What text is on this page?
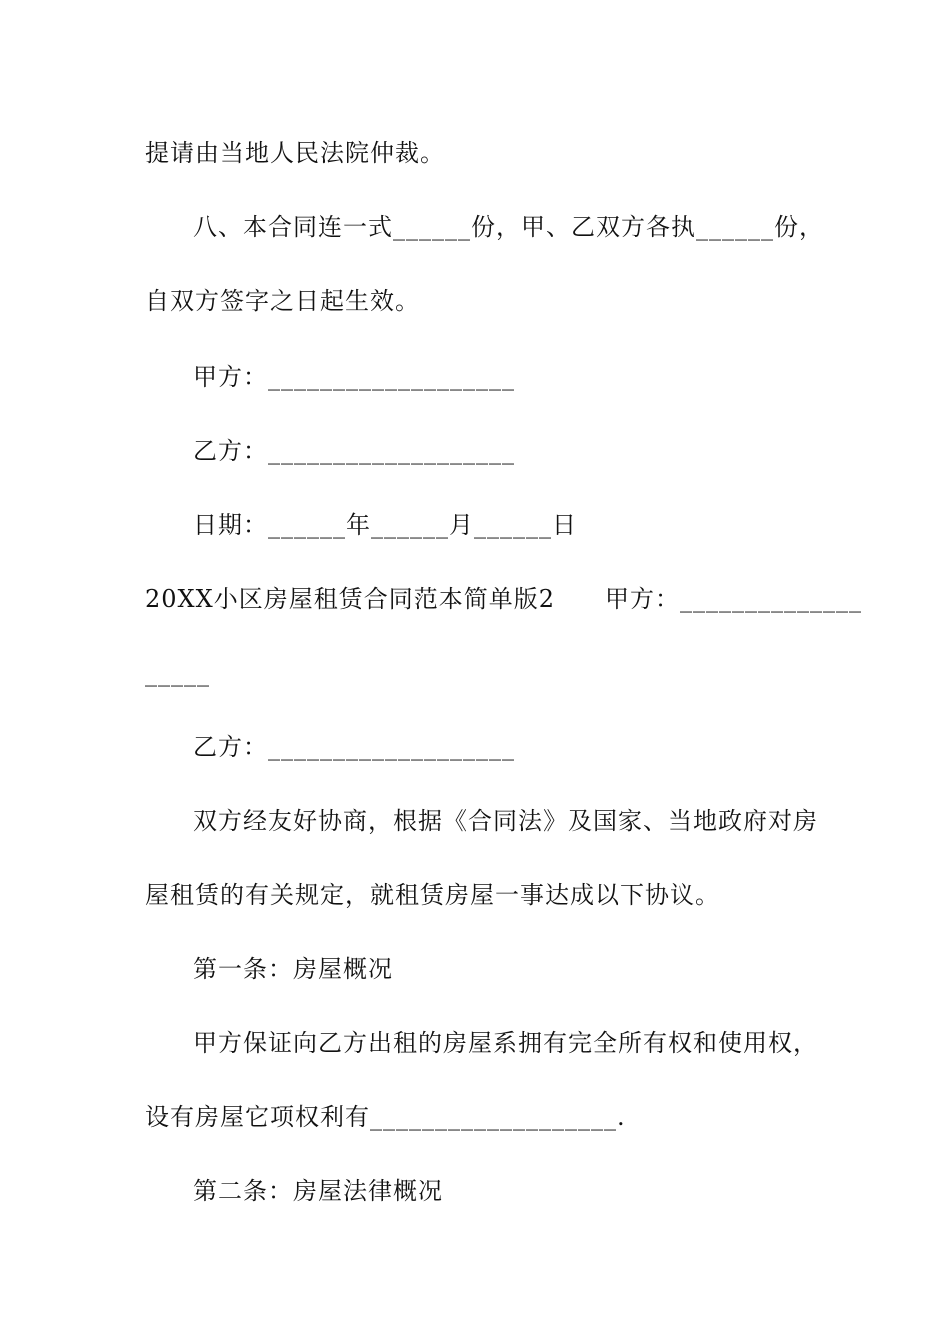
提请由当地人民法院仲裁。
八、本合同连一式______份，甲、乙双方各执______份，
自双方签字之日起生效。
甲方：___________________
乙方：___________________
日期：______年______月______日
20XX小区房屋租赁合同范本简单版2　　甲方：______________
_____
乙方：___________________
双方经友好协商，根据《合同法》及国家、当地政府对房
屋租赁的有关规定，就租赁房屋一事达成以下协议。
第一条：房屋概况
甲方保证向乙方出租的房屋系拥有完全所有权和使用权，
设有房屋它项权利有___________________.
第二条：房屋法律概况
